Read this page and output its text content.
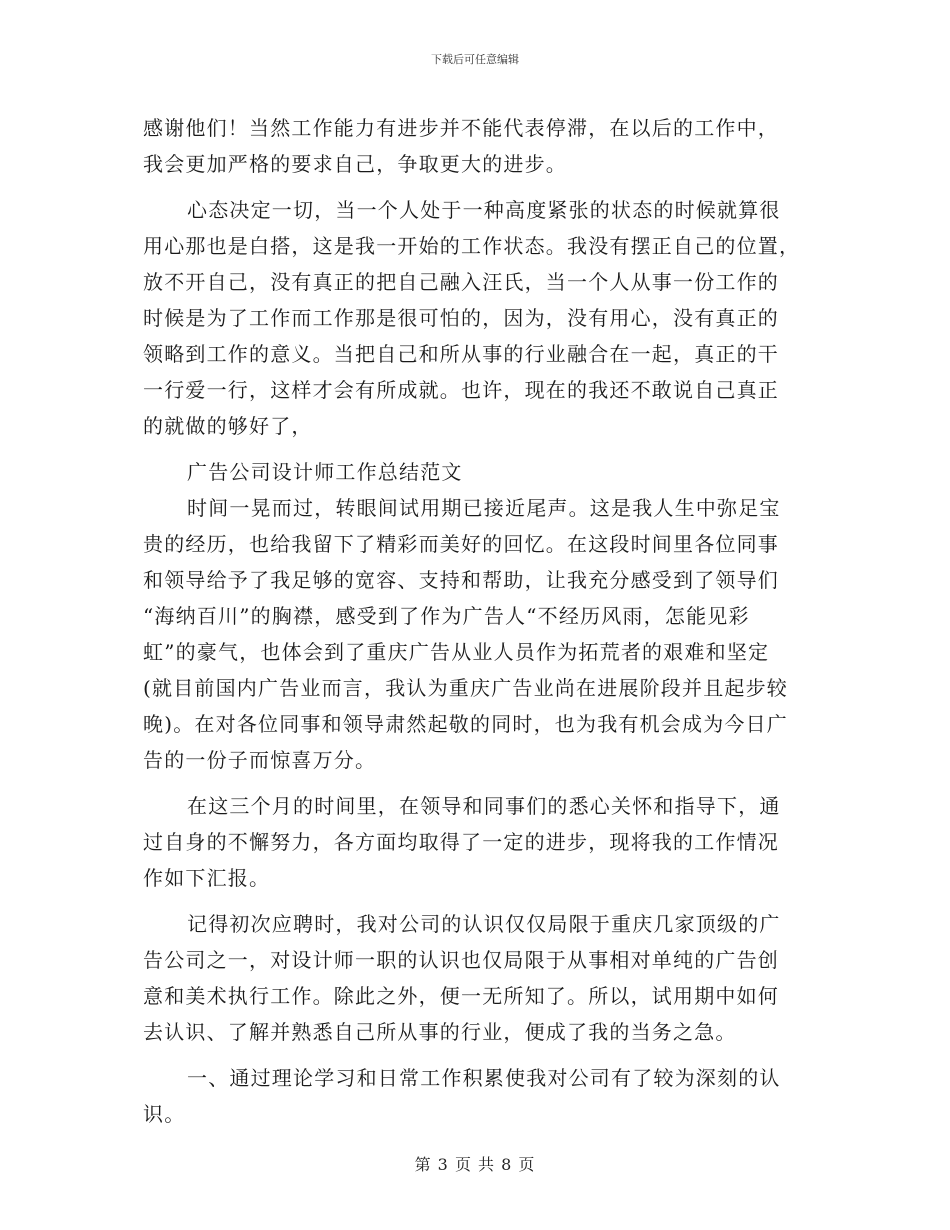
下载后可任意编辑
感谢他们！当然工作能力有进步并不能代表停滞，在以后的工作中，
我会更加严格的要求自己，争取更大的进步。
心态决定一切，当一个人处于一种高度紧张的状态的时候就算很
用心那也是白搭，这是我一开始的工作状态。我没有摆正自己的位置，
放不开自己，没有真正的把自己融入汪氏，当一个人从事一份工作的
时候是为了工作而工作那是很可怕的，因为，没有用心，没有真正的
领略到工作的意义。当把自己和所从事的行业融合在一起，真正的干
一行爱一行，这样才会有所成就。也许，现在的我还不敢说自己真正
的就做的够好了，
广告公司设计师工作总结范文
时间一晃而过，转眼间试用期已接近尾声。这是我人生中弥足宝
贵的经历，也给我留下了精彩而美好的回忆。在这段时间里各位同事
和领导给予了我足够的宽容、支持和帮助，让我充分感受到了领导们
“海纳百川”的胸襟，感受到了作为广告人“不经历风雨，怎能见彩
虹”的豪气，也体会到了重庆广告从业人员作为拓荒者的艰难和坚定
(就目前国内广告业而言，我认为重庆广告业尚在进展阶段并且起步较
晚)。在对各位同事和领导肃然起敬的同时，也为我有机会成为今日广
告的一份子而惊喜万分。
在这三个月的时间里，在领导和同事们的悉心关怀和指导下，通
过自身的不懈努力，各方面均取得了一定的进步，现将我的工作情况
作如下汇报。
记得初次应聘时，我对公司的认识仅仅局限于重庆几家顶级的广
告公司之一，对设计师一职的认识也仅局限于从事相对单纯的广告创
意和美术执行工作。除此之外，便一无所知了。所以，试用期中如何
去认识、了解并熟悉自己所从事的行业，便成了我的当务之急。
一、通过理论学习和日常工作积累使我对公司有了较为深刻的认
识。
第 3 页 共 8 页
